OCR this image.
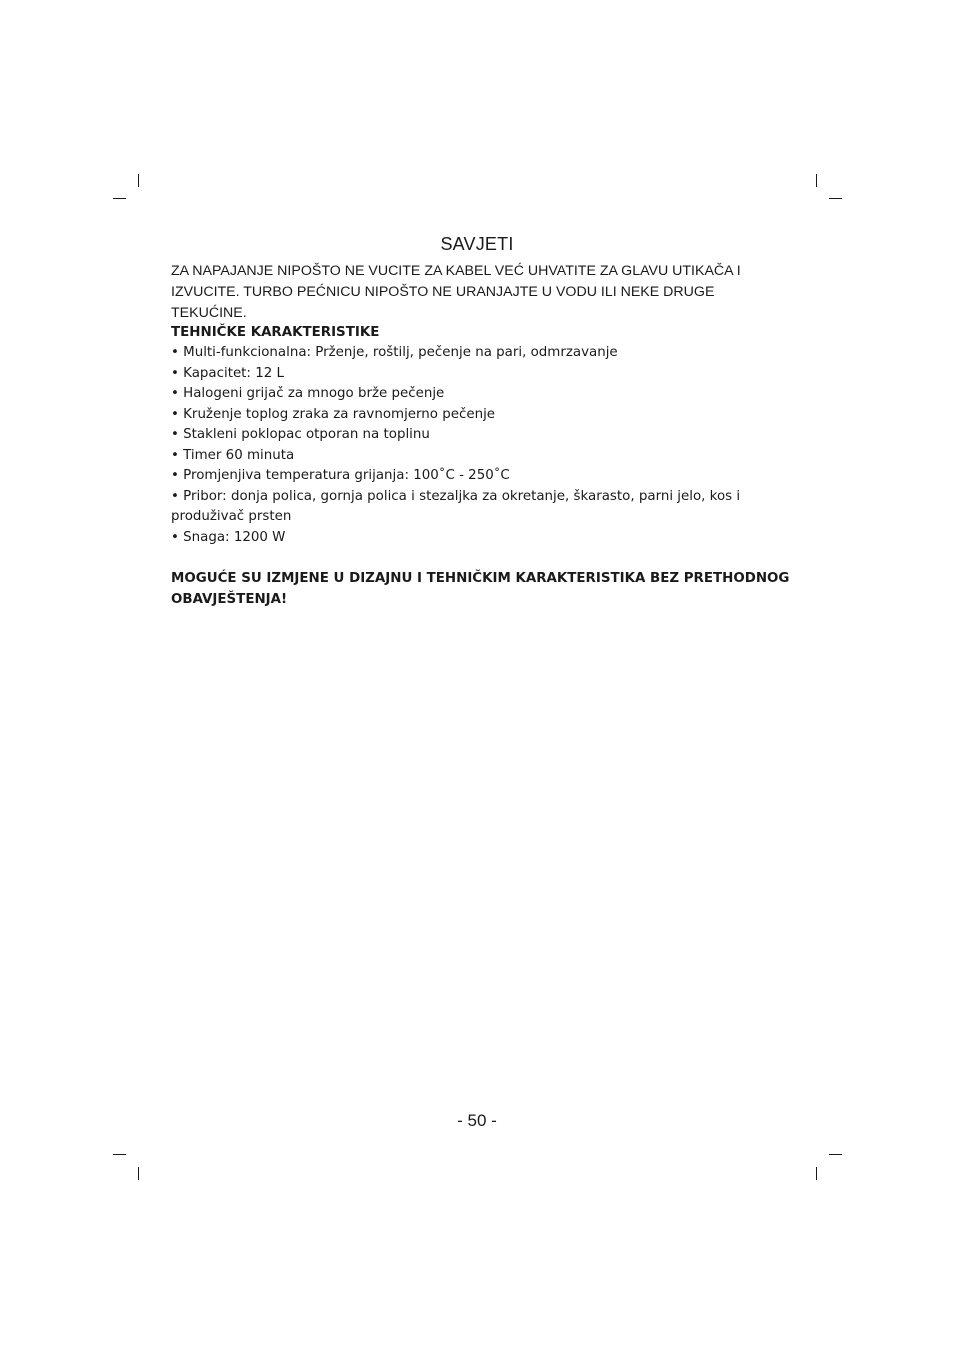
SAVJETI
ZA NAPAJANJE NIPOŠTO NE VUCITE ZA KABEL VEĆ UHVATITE ZA GLAVU UTIKAČA I IZVUCITE. TURBO PEĆNICU NIPOŠTO NE URANJAJTE U VODU ILI NEKE DRUGE TEKUĆINE.
TEHNIČKE KARAKTERISTIKE
• Multi-funkcionalna: Prženje, roštilj, pečenje na pari, odmrzavanje
• Kapacitet: 12 L
• Halogeni grijač za mnogo brže pečenje
• Kruženje toplog zraka za ravnomjerno pečenje
• Stakleni poklopac otporan na toplinu
• Timer 60 minuta
• Promjenjiva temperatura grijanja: 100˚C - 250˚C
• Pribor: donja polica, gornja polica i stezaljka za okretanje, škarasto, parni jelo, kos i produživač prsten
• Snaga: 1200 W
MOGUĆE SU IZMJENE U DIZAJNU I TEHNIČKIM KARAKTERISTIKA BEZ PRETHODNOG OBAVJEŠTENJA!
- 50 -
